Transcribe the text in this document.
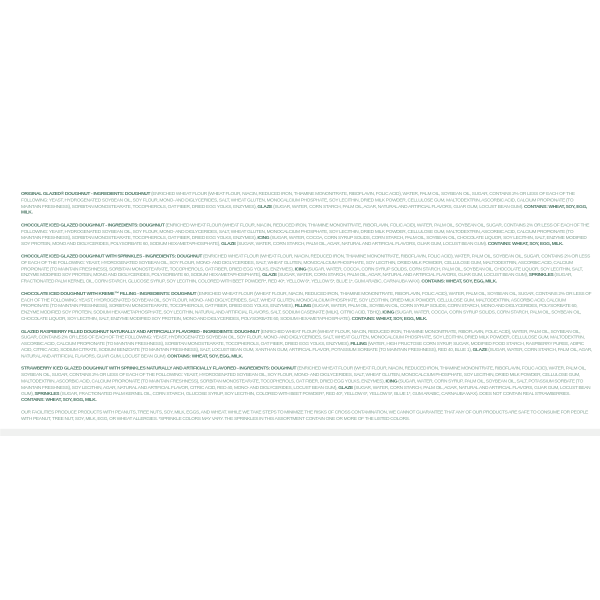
ORIGINAL GLAZED® DOUGHNUT - INGREDIENTS: DOUGHNUT (ENRICHED WHEAT FLOUR (WHEAT FLOUR, NIACIN, REDUCED IRON, THIAMINE MONONITRATE, RIBOFLAVIN, FOLIC ACID), WATER, PALM OIL, SOYBEAN OIL, SUGAR, CONTAINS 2% OR LESS OF EACH OF THE FOLLOWING: YEAST, HYDROGENATED SOYBEAN OIL, SOY FLOUR, MONO- AND DIGLYCERIDES, SALT, WHEAT GLUTEN, MONOCALCIUM PHOSPHATE, SOY LECITHIN, DRIED MILK POWDER, CELLULOSE GUM, MALTODEXTRIN, ASCORBIC ACID, CALCIUM PROPIONATE (TO MAINTAIN FRESHNESS), SORBITAN MONOSTEARATE, TOCOPHEROLS, OAT FIBER, DRIED EGG YOLKS, ENZYMES), GLAZE (SUGAR, WATER, CORN STARCH, PALM OIL, AGAR, NATURAL AND ARTIFICIAL FLAVORS, GUAR GUM, LOCUST BEAN GUM). CONTAINS: WHEAT, SOY, EGG, MILK.

CHOCOLATE ICED GLAZED DOUGHNUT - INGREDIENTS: DOUGHNUT (ENRICHED WHEAT FLOUR (WHEAT FLOUR, NIACIN, REDUCED IRON, THIAMINE MONONITRATE, RIBOFLAVIN, FOLIC ACID), WATER, PALM OIL, SOYBEAN OIL, SUGAR, CONTAINS 2% OR LESS OF EACH OF THE FOLLOWING: YEAST, HYDROGENATED SOYBEAN OIL, SOY FLOUR, MONO- AND DIGLYCERIDES, SALT, WHEAT GLUTEN, MONOCALCIUM PHOSPHATE, SOY LECITHIN, DRIED MILK POWDER, CELLULOSE GUM, MALTODEXTRIN, ASCORBIC ACID, CALCIUM PROPIONATE (TO MAINTAIN FRESHNESS), SORBITAN MONOSTEARATE, TOCOPHEROLS, OAT FIBER, DRIED EGG YOLKS, ENZYMES), ICING (SUGAR, WATER, COCOA, CORN SYRUP SOLIDS, CORN STARCH, PALM OIL, SOYBEAN OIL, CHOCOLATE LIQUOR, SOY LECITHIN, SALT, ENZYME MODIFIED SOY PROTEIN, MONO AND DIGLYCERIDES, POLYSORBATE 60, SODIUM HEXAMETAPHOSPHATE), GLAZE (SUGAR, WATER, CORN STARCH, PALM OIL, AGAR, NATURAL AND ARTIFICIAL FLAVORS, GUAR GUM, LOCUST BEAN GUM). CONTAINS: WHEAT, SOY, EGG, MILK.

CHOCOLATE ICED GLAZED DOUGHNUT WITH SPRINKLES - INGREDIENTS: DOUGHNUT (ENRICHED WHEAT FLOUR (WHEAT FLOUR, NIACIN, REDUCED IRON, THIAMINE MONONITRATE, RIBOFLAVIN, FOLIC ACID), WATER, PALM OIL, SOYBEAN OIL, SUGAR, CONTAINS 2% OR LESS OF EACH OF THE FOLLOWING: YEAST, HYDROGENATED SOYBEAN OIL, SOY FLOUR, MONO- AND DIGLYCERIDES, SALT, WHEAT GLUTEN, MONOCALCIUM PHOSPHATE, SOY LECITHIN, DRIED MILK POWDER, CELLULOSE GUM, MALTODEXTRIN, ASCORBIC ACID, CALCIUM PROPIONATE (TO MAINTAIN FRESHNESS), SORBITAN MONOSTEARATE, TOCOPHEROLS, OAT FIBER, DRIED EGG YOLKS, ENZYMES), ICING (SUGAR, WATER, COCOA, CORN SYRUP SOLIDS, CORN STARCH, PALM OIL, SOYBEAN OIL, CHOCOLATE LIQUOR, SOY LECITHIN, SALT, ENZYME MODIFIED SOY PROTEIN, MONO AND DIGLYCERIDES, POLYSORBATE 60, SODIUM HEXAMETAPHOSPHATE), GLAZE (SUGAR, WATER, CORN STARCH, PALM OIL, AGAR, NATURAL AND ARTIFICIAL FLAVORS, GUAR GUM, LOCUST BEAN GUM), SPRINKLES (SUGAR, FRACTIONATED PALM KERNEL OIL, CORN STARCH, GLUCOSE SYRUP, SOY LECITHIN, COLORED WITH BEET POWDER*, RED 40*, YELLOW 6*, YELLOW 5*, BLUE 1*, GUM ARABIC, CARNAUBA WAX). CONTAINS: WHEAT, SOY, EGG, MILK.

CHOCOLATE ICED DOUGHNUT WITH KREME™ FILLING - INGREDIENTS: DOUGHNUT (ENRICHED WHEAT FLOUR (WHEAT FLOUR, NIACIN, REDUCED IRON, THIAMINE MONONITRATE, RIBOFLAVIN, FOLIC ACID), WATER, PALM OIL, SOYBEAN OIL, SUGAR, CONTAINS 2% OR LESS OF EACH OF THE FOLLOWING: YEAST, HYDROGENATED SOYBEAN OIL, SOY FLOUR, MONO- AND DIGLYCERIDES, SALT, WHEAT GLUTEN, MONOCALCIUM PHOSPHATE, SOY LECITHIN, DRIED MILK POWDER, CELLULOSE GUM, MALTODEXTRIN, ASCORBIC ACID, CALCIUM PROPIONATE (TO MAINTAIN FRESHNESS), SORBITAN MONOSTEARATE, TOCOPHEROLS, OAT FIBER, DRIED EGG YOLKS, ENZYMES), FILLING (SUGAR, WATER, PALM OIL, SOYBEAN OIL, CORN SYRUP SOLIDS, CORN STARCH, MONO AND DIGLYCERIDES, POLYSORBATE 60, ENZYME MODIFIED SOY PROTEIN, SODIUM HEXAMETAPHOSPHATE, SOY LECITHIN, NATURAL AND ARTIFICIAL FLAVORS, SALT, SODIUM CASEINATE (MILK), CITRIC ACID, TBHQ), ICING (SUGAR, WATER, COCOA, CORN SYRUP SOLIDS, CORN STARCH, PALM OIL, SOYBEAN OIL, CHOCOLATE LIQUOR, SOY LECITHIN, SALT, ENZYME MODIFIED SOY PROTEIN, MONO AND DIGLYCERIDES, POLYSORBATE 60, SODIUM HEXAMETAPHOSPHATE). CONTAINS: WHEAT, SOY, EGG, MILK.

GLAZED RASPBERRY FILLED DOUGHNUT NATURALLY AND ARTIFICIALLY FLAVORED - INGREDIENTS: DOUGHNUT (ENRICHED WHEAT FLOUR (WHEAT FLOUR, NIACIN, REDUCED IRON, THIAMINE MONONITRATE, RIBOFLAVIN, FOLIC ACID), WATER, PALM OIL, SOYBEAN OIL, SUGAR, CONTAINS 2% OR LESS OF EACH OF THE FOLLOWING: YEAST, HYDROGENATED SOYBEAN OIL, SOY FLOUR, MONO- AND DIGLYCERIDES, SALT, WHEAT GLUTEN, MONOCALCIUM PHOSPHATE, SOY LECITHIN, DRIED MILK POWDER, CELLULOSE GUM, MALTODEXTRIN, ASCORBIC ACID, CALCIUM PROPIONATE (TO MAINTAIN FRESHNESS), SORBITAN MONOSTEARATE, TOCOPHEROLS, OAT FIBER, DRIED EGG YOLKS, ENZYMES), FILLING (WATER, HIGH FRUCTOSE CORN SYRUP, SUGAR, MODIFIED FOOD STARCH, RASPBERRY PUREE, ADIPIC ACID, CITRIC ACID, SODIUM CITRATE, SODIUM BENZOATE (TO MAINTAIN FRESHNESS), SALT, LOCUST BEAN GUM, XANTHAN GUM, ARTIFICIAL FLAVOR, POTASSIUM SORBATE (TO MAINTAIN FRESHNESS), RED 40, BLUE 1), GLAZE (SUGAR, WATER, CORN STARCH, PALM OIL, AGAR, NATURAL AND ARTIFICIAL FLAVORS, GUAR GUM, LOCUST BEAN GUM). CONTAINS: WHEAT, SOY, EGG, MILK.

STRAWBERRY ICED GLAZED DOUGHNUT WITH SPRINKLES NATURALLY AND ARTIFICIALLY FLAVORED - INGREDIENTS: DOUGHNUT (ENRICHED WHEAT FLOUR (WHEAT FLOUR, NIACIN, REDUCED IRON, THIAMINE MONONITRATE, RIBOFLAVIN, FOLIC ACID), WATER, PALM OIL, SOYBEAN OIL, SUGAR, CONTAINS 2% OR LESS OF EACH OF THE FOLLOWING: YEAST, HYDROGENATED SOYBEAN OIL, SOY FLOUR, MONO- AND DIGLYCERIDES, SALT, WHEAT GLUTEN, MONOCALCIUM PHOSPHATE, SOY LECITHIN, DRIED MILK POWDER, CELLULOSE GUM, MALTODEXTRIN, ASCORBIC ACID, CALCIUM PROPIONATE (TO MAINTAIN FRESHNESS), SORBITAN MONOSTEARATE, TOCOPHEROLS, OAT FIBER, DRIED EGG YOLKS, ENZYMES), ICING (SUGAR, WATER, CORN SYRUP, PALM OIL, SOYBEAN OIL, SALT, POTASSIUM SORBATE (TO MAINTAIN FRESHNESS), SOY LECITHIN, AGAR, NATURAL AND ARTIFICIAL FLAVOR, CITRIC ACID, RED 40, MONO- AND DIGLYCERIDES, LOCUST BEAN GUM), GLAZE (SUGAR, WATER, CORN STARCH, PALM OIL, AGAR, NATURAL AND ARTIFICIAL FLAVORS, GUAR GUM, LOCUST BEAN GUM), SPRINKLES (SUGAR, FRACTIONATED PALM KERNEL OIL, CORN STARCH, GLUCOSE SYRUP, SOY LECITHIN, COLORED WITH BEET POWDER*, RED 40*, YELLOW 6*, YELLOW 5*, BLUE 1*, GUM ARABIC, CARNAUBA WAX). DOES NOT CONTAIN REAL STRAWBERRIES. CONTAINS: WHEAT, SOY, EGG, MILK.

OUR FACILITIES PRODUCE PRODUCTS WITH PEANUTS, TREE NUTS, SOY, MILK, EGGS, AND WHEAT. WHILE WE TAKE STEPS TO MINIMIZE THE RISKS OF CROSS CONTAMINATION, WE CANNOT GUARANTEE THAT ANY OF OUR PRODUCTS ARE SAFE TO CONSUME FOR PEOPLE WITH PEANUT, TREE NUT, SOY, MILK, EGG, OR WHEAT ALLERGIES. *SPRINKLE COLORS MAY VARY. THE SPRINKLES IN THIS ASSORTMENT CONTAIN ONE OR MORE OF THE LISTED COLORS.
